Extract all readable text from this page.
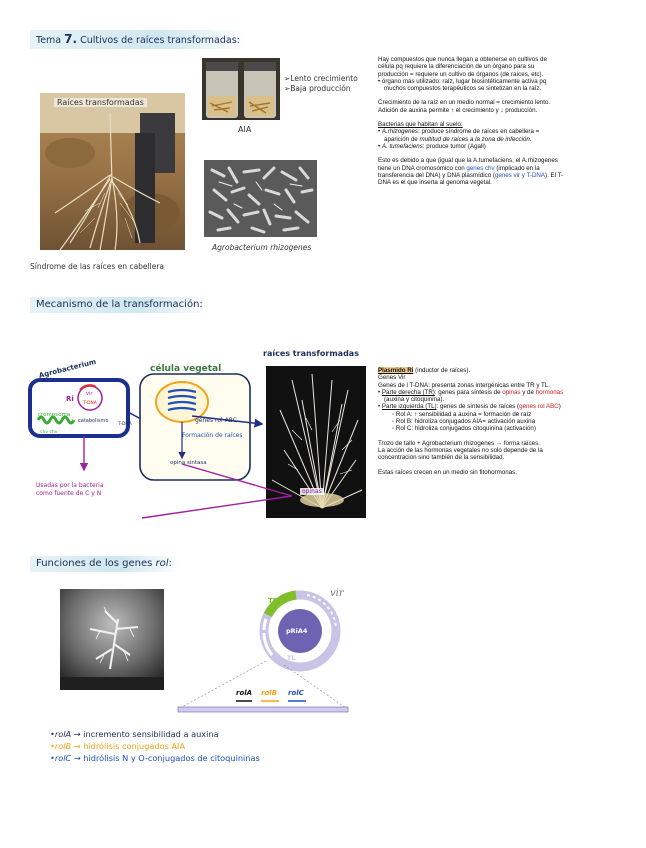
Tema 7. Cultivos de raíces transformadas:
Raíces transformadas
Síndrome de las raíces en cabellera
AIA
➢Lento crecimiento
➢Baja producción
Agrobacterium rhizogenes

Hay compuestos que nunca llegan a obtenerse en cultivos de

célula pq requiere la diferenciación de un órgano para su

producción = requiere un cultivo de órganos (de raíces, etc).

• órgano más utilizado: raíz, lugar biosintéticamente activa pq

muchos compuestos terapéuticos se sintetizan en la raíz.

Crecimiento de la raíz en un medio normal = crecimiento lento.

Adición de auxina permite ↑ el crecimiento y ↓ producción.

Bacterias que habitan al suelo:

• A.rhizogenes: produce síndrome de raíces en cabellera =

aparición de multitud de raíces a la zona de infección.

• A. tumefaciens: produce tumor (Agall)

Esto es debido a que (igual que la A.tumefaciens, el A.rhizogenes

tiene un DNA cromosómico con genes chv (implicado en la

transferencia del DNA) y DNA plasmídico (genes vir y T-DNA). El T-

DNA es el que inserta al genoma vegetal.

Mecanismo de la transformación:
Agrobacterium
Ri
vir
T-DNA
cromosoma
chv chv
catabolismo
T-DNA
célula vegetal
genes rol ABC
Formación de raíces
opina sintasa
raíces transformadas
opinas
Usadas por la bacteria
como fuente de C y N

Plasmido Ri (inductor de raíces).

Genes Vir

Genes de l T-DNA: presenta zonas intergénicas entre TR y TL.

• Parte derecha (TR): genes para síntesis de opinas y de hormonas

(auxina y citoquinina).

• Parte izquierda (TL): genes de síntesis de raíces (genes rol ABC)

◦ Rol A: ↑ sensibilidad a auxina = formación de raíz

◦ Rol B: hidroliza conjugados AIA= activación auxina

◦ Rol C: hidroliza conjugados citoquinina (activación)

Trozo de tallo + Agrobacterium rhizogenes → forma raíces.

La acción de las hormonas vegetales no solo depende de la

concentración sino también de la sensibilidad.

Estas raíces crecen en un medio sin fitohormonas.

Funciones de los genes rol:
vir
TR
pRiA4
TL
rolA rolB rolC
•rolA → incremento sensibilidad a auxina
•rolB → hidrólisis conjugados AIA
•rolC → hidrólisis N y O-conjugados de citoquininas
